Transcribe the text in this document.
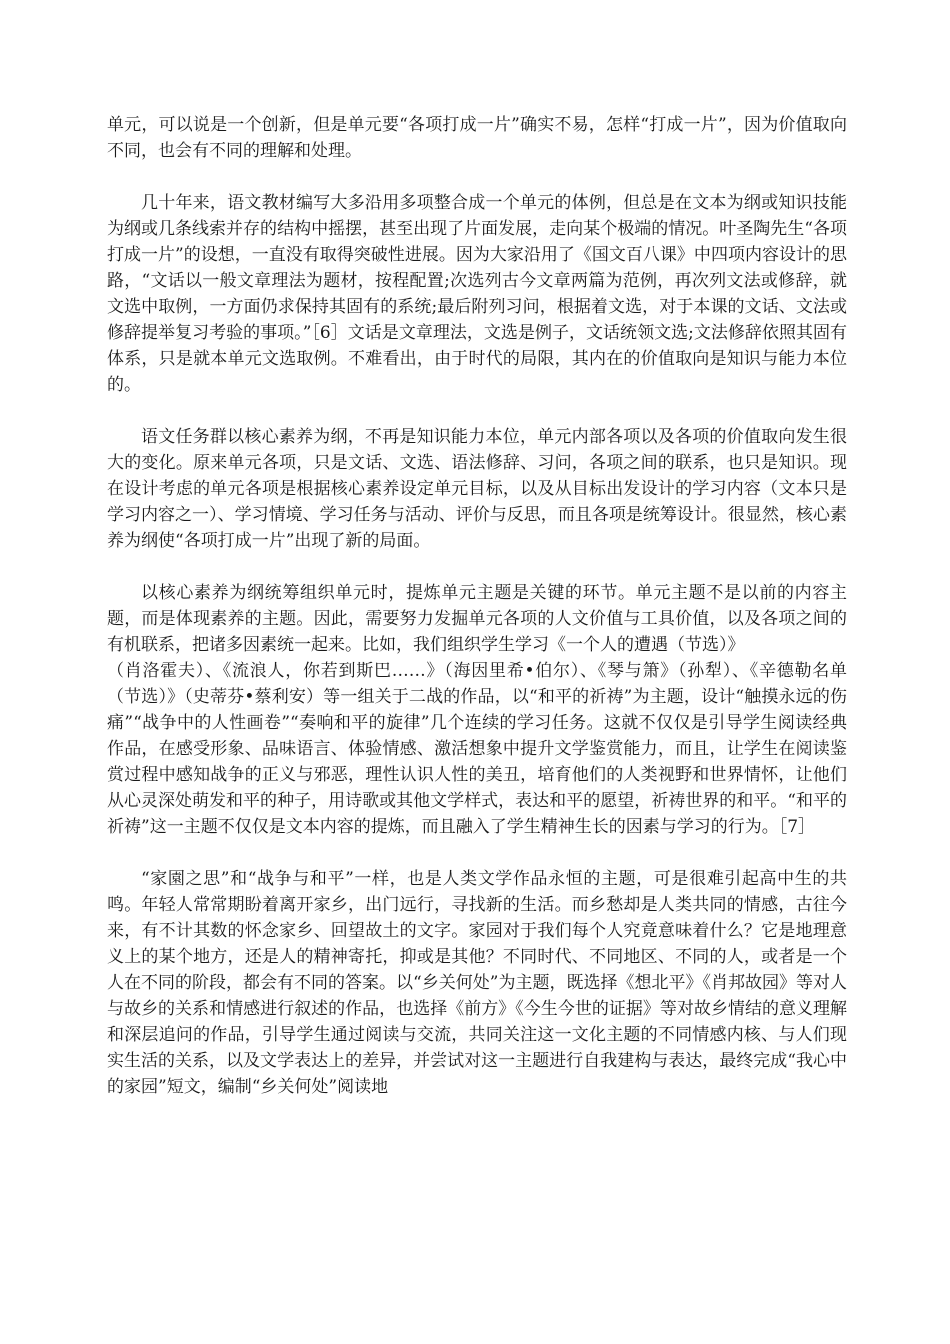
单元，可以说是一个创新，但是单元要“各项打成一片”确实不易，怎样“打成一片”，因为价值取向不同，也会有不同的理解和处理。

几十年来，语文教材编写大多沿用多项整合成一个单元的体例，但总是在文本为纲或知识技能为纲或几条线索并存的结构中摇摆，甚至出现了片面发展，走向某个极端的情况。叶圣陶先生“各项打成一片”的设想，一直没有取得突破性进展。因为大家沿用了《国文百八课》中四项内容设计的思路，“文话以一般文章理法为题材，按程配置;次选列古今文章两篇为范例，再次列文法或修辞，就文选中取例，一方面仍求保持其固有的系统;最后附列习问，根据着文选，对于本课的文话、文法或修辞提举复习考验的事项。”［6］文话是文章理法，文选是例子，文话统领文选;文法修辞依照其固有体系，只是就本单元文选取例。不难看出，由于时代的局限，其内在的价值取向是知识与能力本位的。

语文任务群以核心素养为纲，不再是知识能力本位，单元内部各项以及各项的价值取向发生很大的变化。原来单元各项，只是文话、文选、语法修辞、习问，各项之间的联系，也只是知识。现在设计考虑的单元各项是根据核心素养设定单元目标，以及从目标出发设计的学习内容（文本只是学习内容之一）、学习情境、学习任务与活动、评价与反思，而且各项是统筹设计。很显然，核心素养为纲使“各项打成一片”出现了新的局面。

以核心素养为纲统筹组织单元时，提炼单元主题是关键的环节。单元主题不是以前的内容主题，而是体现素养的主题。因此，需要努力发掘单元各项的人文价值与工具价值，以及各项之间的有机联系，把诸多因素统一起来。比如，我们组织学生学习《一个人的遭遇（节选）》

（肖洛霍夫）、《流浪人，你若到斯巴……》（海因里希•伯尔）、《琴与箫》（孙犁）、《辛德勒名单（节选）》（史蒂芬•蔡利安）等一组关于二战的作品，以“和平的祈祷”为主题，设计“触摸永远的伤痛”“战争中的人性画卷”“奏响和平的旋律”几个连续的学习任务。这就不仅仅是引导学生阅读经典作品，在感受形象、品味语言、体验情感、激活想象中提升文学鉴赏能力，而且，让学生在阅读鉴赏过程中感知战争的正义与邪恶，理性认识人性的美丑，培育他们的人类视野和世界情怀，让他们从心灵深处萌发和平的种子，用诗歌或其他文学样式，表达和平的愿望，祈祷世界的和平。“和平的祈祷”这一主题不仅仅是文本内容的提炼，而且融入了学生精神生长的因素与学习的行为。［7］

“家園之思”和“战争与和平”一样，也是人类文学作品永恒的主题，可是很难引起高中生的共鸣。年轻人常常期盼着离开家乡，出门远行，寻找新的生活。而乡愁却是人类共同的情感，古往今来，有不计其数的怀念家乡、回望故土的文字。家园对于我们每个人究竟意味着什么？它是地理意义上的某个地方，还是人的精神寄托，抑或是其他？不同时代、不同地区、不同的人，或者是一个人在不同的阶段，都会有不同的答案。以“乡关何处”为主题，既选择《想北平》《肖邦故园》等对人与故乡的关系和情感进行叙述的作品，也选择《前方》《今生今世的证据》等对故乡情结的意义理解和深层追问的作品，引导学生通过阅读与交流，共同关注这一文化主题的不同情感内核、与人们现实生活的关系，以及文学表达上的差异，并尝试对这一主题进行自我建构与表达，最终完成“我心中的家园”短文，编制“乡关何处”阅读地
